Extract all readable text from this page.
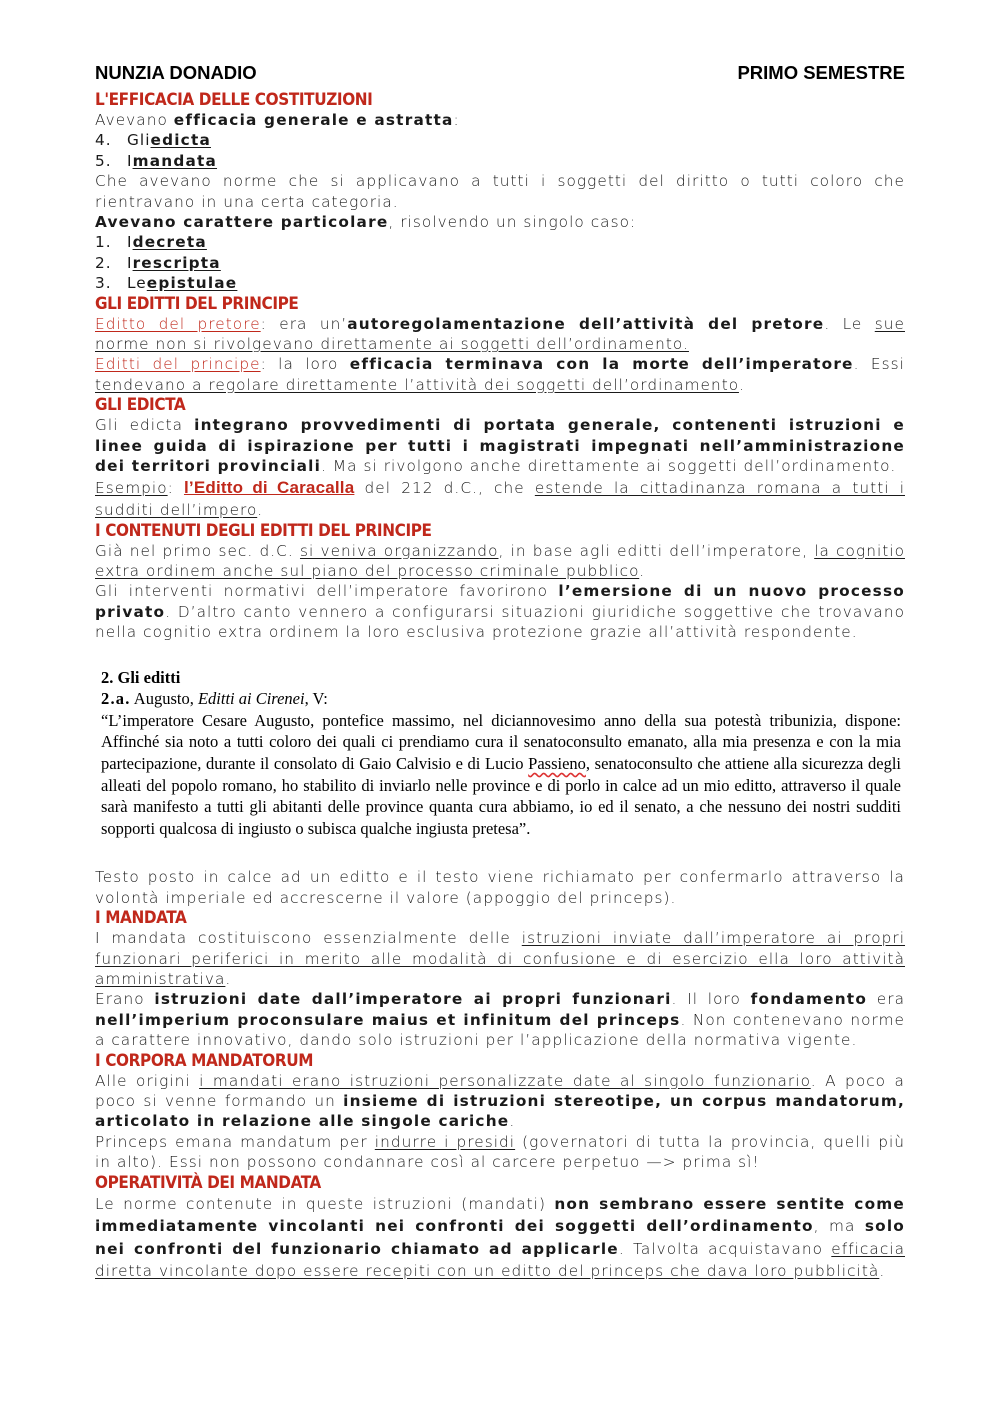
NUNZIA DONADIO	PRIMO SEMESTRE
L'EFFICACIA DELLE COSTITUZIONI

Avevano efficacia generale e astratta:

4. Gli edicta
5. I mandata

Che avevano norme che si applicavano a tutti i soggetti del diritto o tutti coloro che rientravano in una certa categoria.

Avevano carattere particolare, risolvendo un singolo caso:

1. I decreta
2. I rescripta
3. Le epistulae
GLI EDITTI DEL PRINCIPE

Editto del pretore: era un’autoregolamentazione dell’attività del pretore. Le sue norme non si rivolgevano direttamente ai soggetti dell’ordinamento.

Editti del principe: la loro efficacia terminava con la morte dell’imperatore. Essi tendevano a regolare direttamente l’attività dei soggetti dell’ordinamento.

GLI EDICTA

Gli edicta integrano provvedimenti di portata generale, contenenti istruzioni e linee guida di ispirazione per tutti i magistrati impegnati nell’amministrazione dei territori provinciali. Ma si rivolgono anche direttamente ai soggetti dell’ordinamento.

Esempio: l’Editto di Caracalla del 212 d.C., che estende la cittadinanza romana a tutti i sudditi dell’impero.

I CONTENUTI DEGLI EDITTI DEL PRINCIPE

Già nel primo sec. d.C. si veniva organizzando, in base agli editti dell’imperatore, la cognitio extra ordinem anche sul piano del processo criminale pubblico.

Gli interventi normativi dell’imperatore favorirono l’emersione di un nuovo processo privato. D’altro canto vennero a configurarsi situazioni giuridiche soggettive che trovavano nella cognitio extra ordinem la loro esclusiva protezione grazie all’attività respondente.

2. Gli editti
2.a. Augusto, Editti ai Cirenei, V:
“L’imperatore Cesare Augusto, pontefice massimo, nel diciannovesimo anno della sua potestà tribunizia, dispone: Affinché sia noto a tutti coloro dei quali ci prendiamo cura il senatoconsulto emanato, alla mia presenza e con la mia partecipazione, durante il consolato di Gaio Calvisio e di Lucio Passieno, senatoconsulto che attiene alla sicurezza degli alleati del popolo romano, ho stabilito di inviarlo nelle province e di porlo in calce ad un mio editto, attraverso il quale sarà manifesto a tutti gli abitanti delle province quanta cura abbiamo, io ed il senato, a che nessuno dei nostri sudditi sopporti qualcosa di ingiusto o subisca qualche ingiusta pretesa”.

Testo posto in calce ad un editto e il testo viene richiamato per confermarlo attraverso la volontà imperiale ed accrescerne il valore (appoggio del princeps).

I MANDATA

I mandata costituiscono essenzialmente delle istruzioni inviate dall’imperatore ai propri funzionari periferici in merito alle modalità di confusione e di esercizio ella loro attività amministrativa.

Erano istruzioni date dall’imperatore ai propri funzionari. Il loro fondamento era nell’imperium proconsulare maius et infinitum del princeps. Non contenevano norme a carattere innovativo, dando solo istruzioni per l’applicazione della normativa vigente.

I CORPORA MANDATORUM

Alle origini i mandati erano istruzioni personalizzate date al singolo funzionario. A poco a poco si venne formando un insieme di istruzioni stereotipe, un corpus mandatorum, articolato in relazione alle singole cariche.

Princeps emana mandatum per indurre i presidi (governatori di tutta la provincia, quelli più in alto). Essi non possono condannare così al carcere perpetuo —> prima sì!

OPERATIVITÀ DEI MANDATA

Le norme contenute in queste istruzioni (mandati) non sembrano essere sentite come immediatamente vincolanti nei confronti dei soggetti dell’ordinamento, ma solo nei confronti del funzionario chiamato ad applicarle. Talvolta acquistavano efficacia diretta vincolante dopo essere recepiti con un editto del princeps che dava loro pubblicità.
